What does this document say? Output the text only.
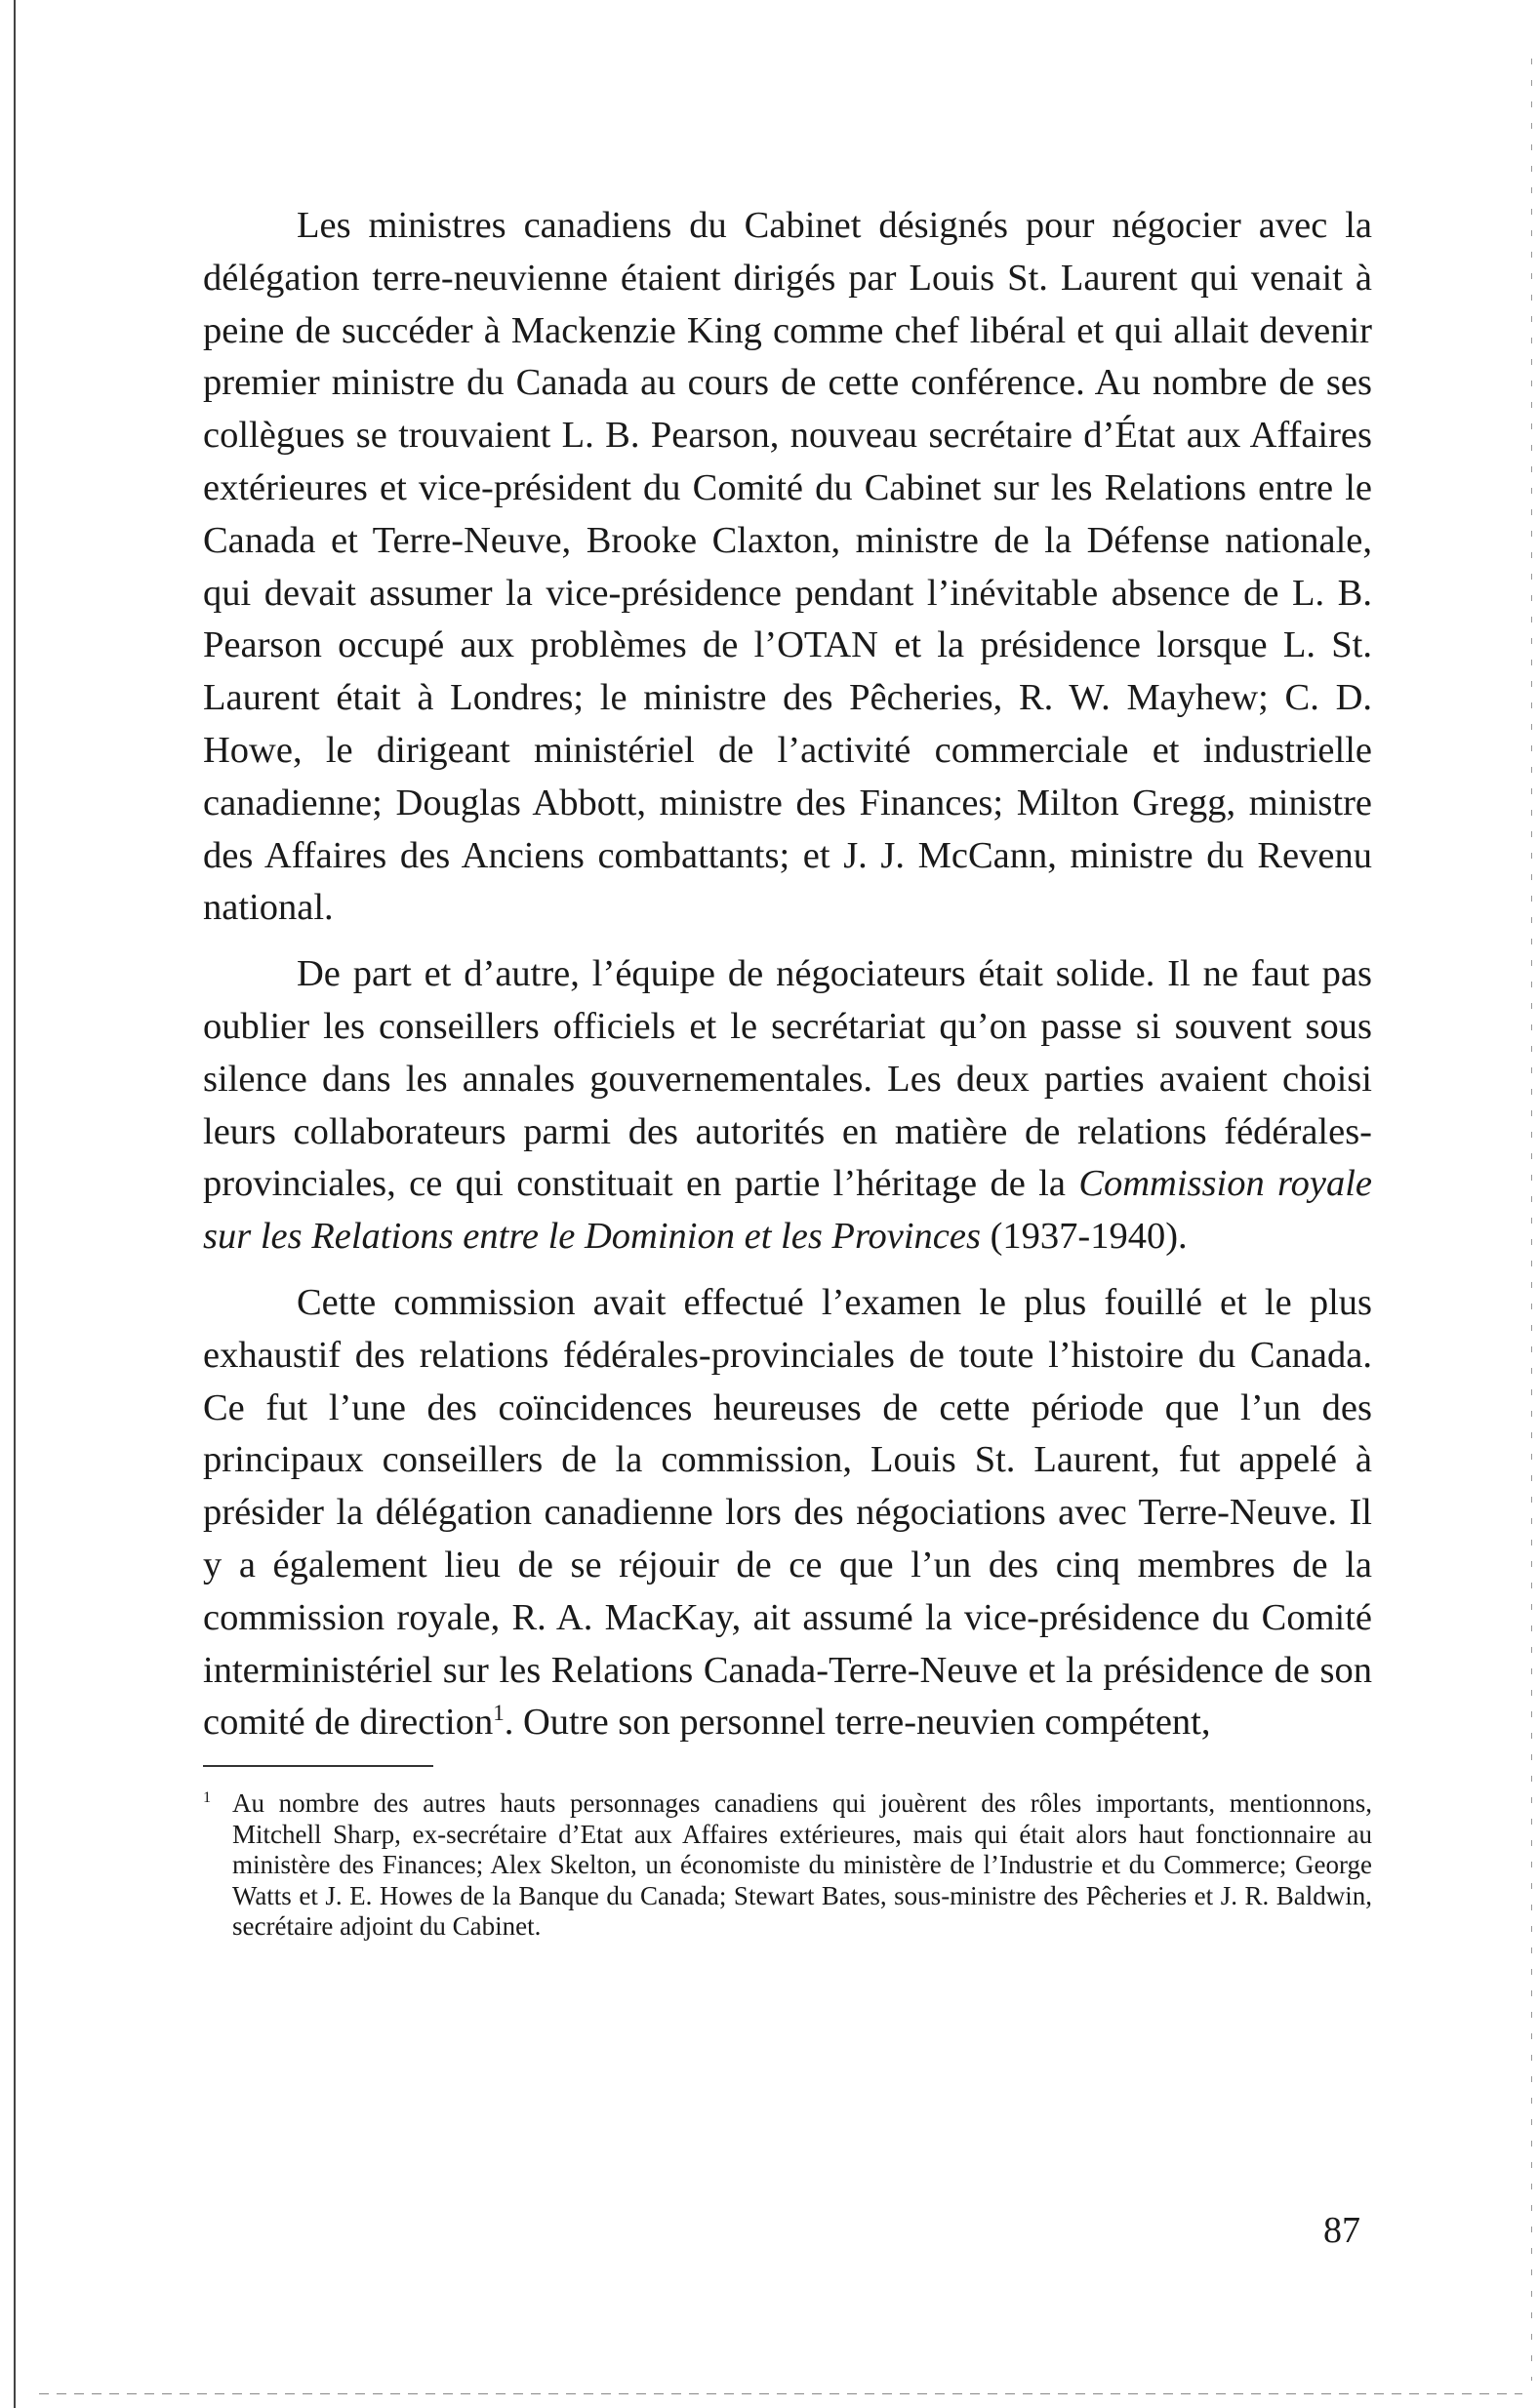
Les ministres canadiens du Cabinet désignés pour négocier avec la délégation terre-neuvienne étaient dirigés par Louis St. Laurent qui venait à peine de succéder à Mackenzie King comme chef libéral et qui allait devenir premier ministre du Canada au cours de cette conférence. Au nombre de ses collègues se trouvaient L. B. Pearson, nouveau secrétaire d’État aux Affaires extérieures et vice-président du Comité du Cabinet sur les Relations entre le Canada et Terre-Neuve, Brooke Claxton, ministre de la Défense nationale, qui devait assumer la vice-présidence pendant l’inévitable absence de L. B. Pearson occupé aux problèmes de l’OTAN et la présidence lorsque L. St. Laurent était à Londres; le ministre des Pêcheries, R. W. Mayhew; C. D. Howe, le dirigeant ministériel de l’activité commerciale et industrielle canadienne; Douglas Abbott, ministre des Finances; Milton Gregg, ministre des Affaires des Anciens combattants; et J. J. McCann, ministre du Revenu national.

De part et d’autre, l’équipe de négociateurs était solide. Il ne faut pas oublier les conseillers officiels et le secrétariat qu’on passe si souvent sous silence dans les annales gouvernementales. Les deux parties avaient choisi leurs collaborateurs parmi des autorités en matière de relations fédérales-provinciales, ce qui constituait en partie l’héritage de la Commission royale sur les Relations entre le Dominion et les Provinces (1937-1940).

Cette commission avait effectué l’examen le plus fouillé et le plus exhaustif des relations fédérales-provinciales de toute l’histoire du Canada. Ce fut l’une des coïncidences heureuses de cette période que l’un des principaux conseillers de la commission, Louis St. Laurent, fut appelé à présider la délégation canadienne lors des négociations avec Terre-Neuve. Il y a également lieu de se réjouir de ce que l’un des cinq membres de la commission royale, R. A. MacKay, ait assumé la vice-présidence du Comité interministériel sur les Relations Canada-Terre-Neuve et la présidence de son comité de direction$^1$. Outre son personnel terre-neuvien compétent,

$^1$ Au nombre des autres hauts personnages canadiens qui jouèrent des rôles importants, mentionnons, Mitchell Sharp, ex-secrétaire d’Etat aux Affaires extérieures, mais qui était alors haut fonctionnaire au ministère des Finances; Alex Skelton, un économiste du ministère de l’Industrie et du Commerce; George Watts et J. E. Howes de la Banque du Canada; Stewart Bates, sous-ministre des Pêcheries et J. R. Baldwin, secrétaire adjoint du Cabinet.

87
